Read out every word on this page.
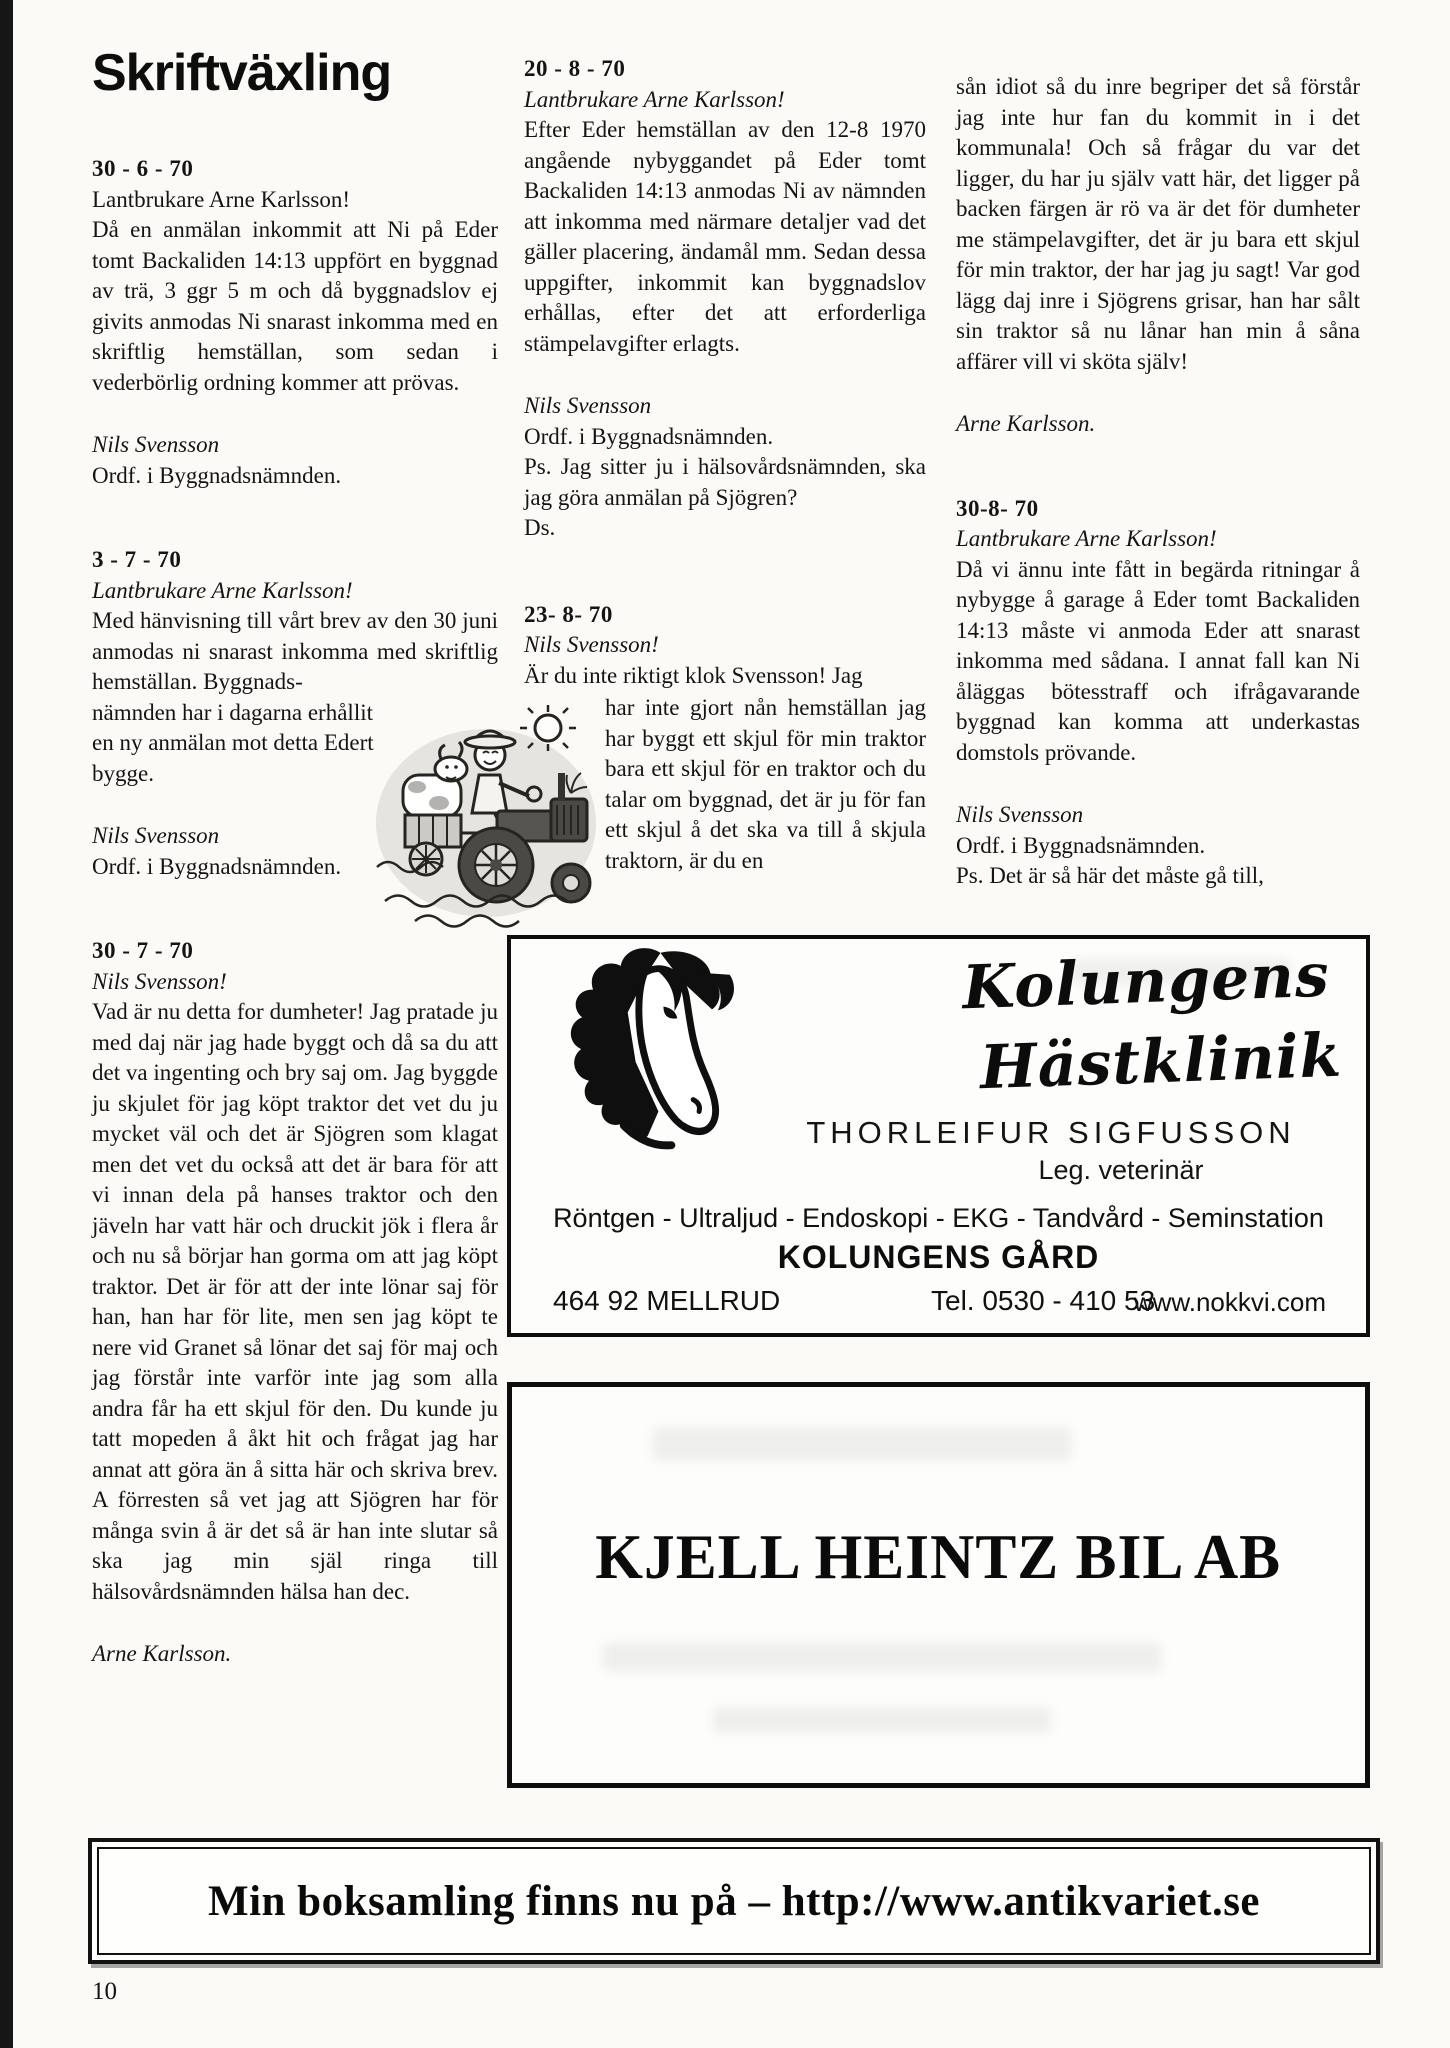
Skriftväxling

30 - 6 - 70

Lantbrukare Arne Karlsson!

Då en anmälan inkommit att Ni på Eder tomt Backaliden 14:13 uppfört en byggnad av trä, 3 ggr 5 m och då byggnadslov ej givits anmodas Ni snarast inkomma med en skriftlig hemställan, som sedan i vederbörlig ordning kommer att prövas.

Nils Svensson

Ordf. i Byggnadsnämnden.

3 - 7 - 70

Lantbrukare Arne Karlsson!

Med hänvisning till vårt brev av den 30 juni anmodas ni snarast inkomma med skriftlig hemställan. Byggnads-

nämnden har i dagarna erhållit en ny anmälan mot detta Edert bygge.

Nils Svensson

Ordf. i Byggnadsnämnden.

30 - 7 - 70

Nils Svensson!

Vad är nu detta for dumheter! Jag pratade ju med daj när jag hade byggt och då sa du att det va ingenting och bry saj om. Jag byggde ju skjulet för jag köpt traktor det vet du ju mycket väl och det är Sjögren som klagat men det vet du också att det är bara för att vi innan dela på hanses traktor och den jäveln har vatt här och druckit jök i flera år och nu så börjar han gorma om att jag köpt traktor. Det är för att der inte lönar saj för han, han har för lite, men sen jag köpt te nere vid Granet så lönar det saj för maj och jag förstår inte varför inte jag som alla andra får ha ett skjul för den. Du kunde ju tatt mopeden å åkt hit och frågat jag har annat att göra än å sitta här och skriva brev. A förresten så vet jag att Sjögren har för många svin å är det så är han inte slutar så ska jag min själ ringa till hälsovårdsnämnden hälsa han dec.

Arne Karlsson.

20 - 8 - 70

Lantbrukare Arne Karlsson!

Efter Eder hemställan av den 12-8 1970 angående nybyggandet på Eder tomt Backaliden 14:13 anmodas Ni av nämnden att inkomma med närmare detaljer vad det gäller placering, ändamål mm. Sedan dessa uppgifter, inkommit kan byggnadslov erhållas, efter det att erforderliga stämpelavgifter erlagts.

Nils Svensson

Ordf. i Byggnadsnämnden.

Ps. Jag sitter ju i hälsovårdsnämnden, ska jag göra anmälan på Sjögren?

Ds.

23- 8- 70

Nils Svensson!

Är du inte riktigt klok Svensson! Jag

har inte gjort nån hemställan jag har byggt ett skjul för min traktor bara ett skjul för en traktor och du talar om byggnad, det är ju för fan ett skjul å det ska va till å skjula traktorn, är du en

sån idiot så du inre begriper det så förstår jag inte hur fan du kommit in i det kommunala! Och så frågar du var det ligger, du har ju själv vatt här, det ligger på backen färgen är rö va är det för dumheter me stämpelavgifter, det är ju bara ett skjul för min traktor, der har jag ju sagt! Var god lägg daj inre i Sjögrens grisar, han har sålt sin traktor så nu lånar han min å såna affärer vill vi sköta själv!

Arne Karlsson.

30-8- 70

Lantbrukare Arne Karlsson!

Då vi ännu inte fått in begärda ritningar å nybygge å garage å Eder tomt Backaliden 14:13 måste vi anmoda Eder att snarast inkomma med sådana. I annat fall kan Ni åläggas bötesstraff och ifrågavarande byggnad kan komma att underkastas domstols prövande.

Nils Svensson

Ordf. i Byggnadsnämnden.

Ps. Det är så här det måste gå till,

Kolungens
Hästklinik
THORLEIFUR SIGFUSSON
Leg. veterinär
Röntgen - Ultraljud - Endoskopi - EKG - Tandvård - Seminstation
KOLUNGENS GÅRD
464 92 MELLRUD	Tel. 0530 - 410 53
www.nokkvi.com
KJELL HEINTZ BIL AB
Min boksamling finns nu på – http://www.antikvariet.se
10
